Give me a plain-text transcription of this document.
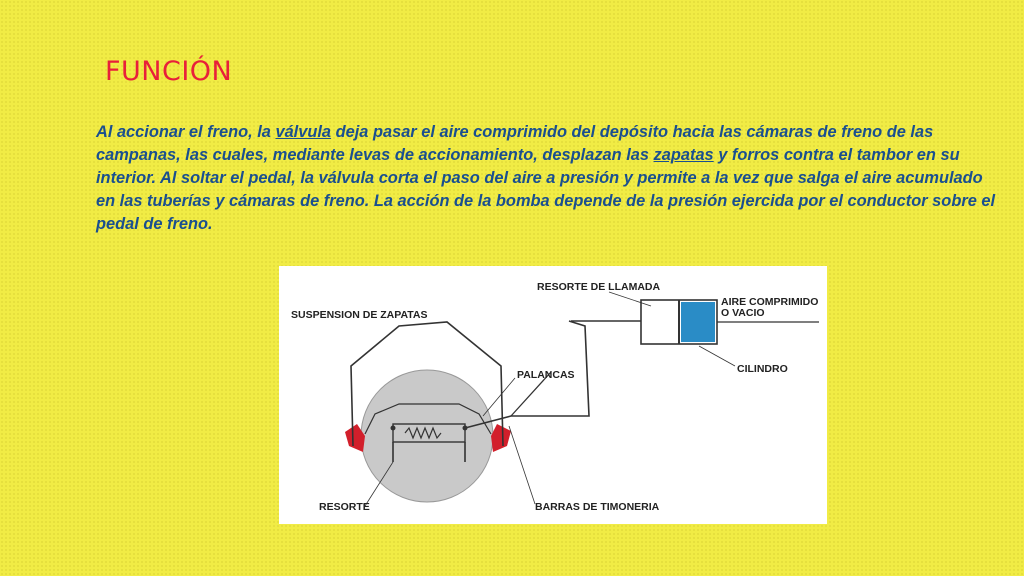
FUNCIÓN
Al accionar el freno, la válvula deja pasar el aire comprimido del depósito hacia las cámaras de freno de las campanas, las cuales, mediante levas de accionamiento, desplazan las zapatas y forros contra el tambor en su interior. Al soltar el pedal, la válvula corta el paso del aire a presión y permite a la vez que salga el aire acumulado en las tuberías y cámaras de freno. La acción de la bomba depende de la presión ejercida por el conductor sobre el pedal de freno.
RESORTE DE LLAMADA
SUSPENSION DE ZAPATAS
AIRE COMPRIMIDO
O VACIO
CILINDRO
PALANCAS
RESORTE	BARRAS DE TIMONERIA
